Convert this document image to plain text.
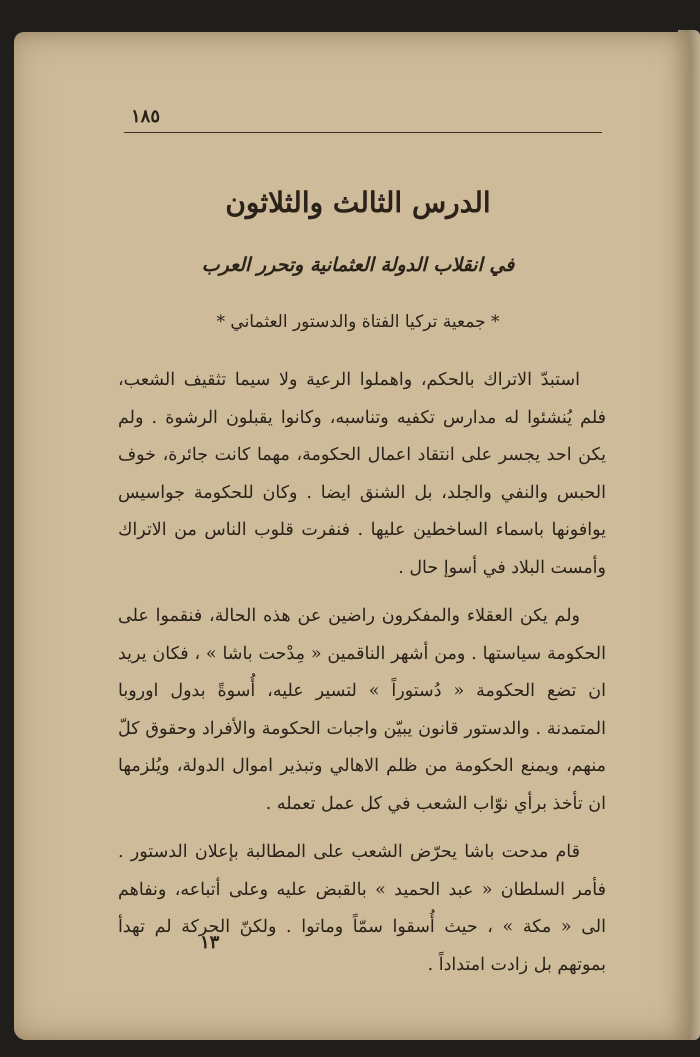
١٨٥
الدرس الثالث والثلاثون
في انقلاب الدولة العثمانية وتحرر العرب
* جمعية تركيا الفتاة والدستور العثماني *

استبدّ الاتراك بالحكم، واهملوا الرعية ولا سيما تثقيف الشعب، فلم يُنشئوا له مدارس تكفيه وتناسبه، وكانوا يقبلون الرشوة . ولم يكن احد يجسر على انتقاد اعمال الحكومة، مهما كانت جائرة، خوف الحبس والنفي والجلد، بل الشنق ايضا . وكان للحكومة جواسيس يوافونها باسماء الساخطين عليها . فنفرت قلوب الناس من الاتراك وأمست البلاد في أسوإ حال .

ولم يكن العقلاء والمفكرون راضين عن هذه الحالة، فنقموا على الحكومة سياستها . ومن أشهر الناقمين « مِدْحت باشا » ، فكان يريد ان تضع الحكومة « دُستوراً » لتسير عليه، أُسوةً بدول اوروبا المتمدنة . والدستور قانون يبيّن واجبات الحكومة والأفراد وحقوق كلّ منهم، ويمنع الحكومة من ظلم الاهالي وتبذير اموال الدولة، ويُلزمها ان تأخذ برأي نوّاب الشعب في كل عمل تعمله .

قام مدحت باشا يحرّض الشعب على المطالبة بإعلان الدستور . فأمر السلطان « عبد الحميد » بالقبض عليه وعلى أتباعه، ونفاهم الى « مكة » ، حيث أُسقوا سمّاً وماتوا . ولكنّ الحركة لم تهدأ بموتهم بل زادت امتداداً .

١٣
